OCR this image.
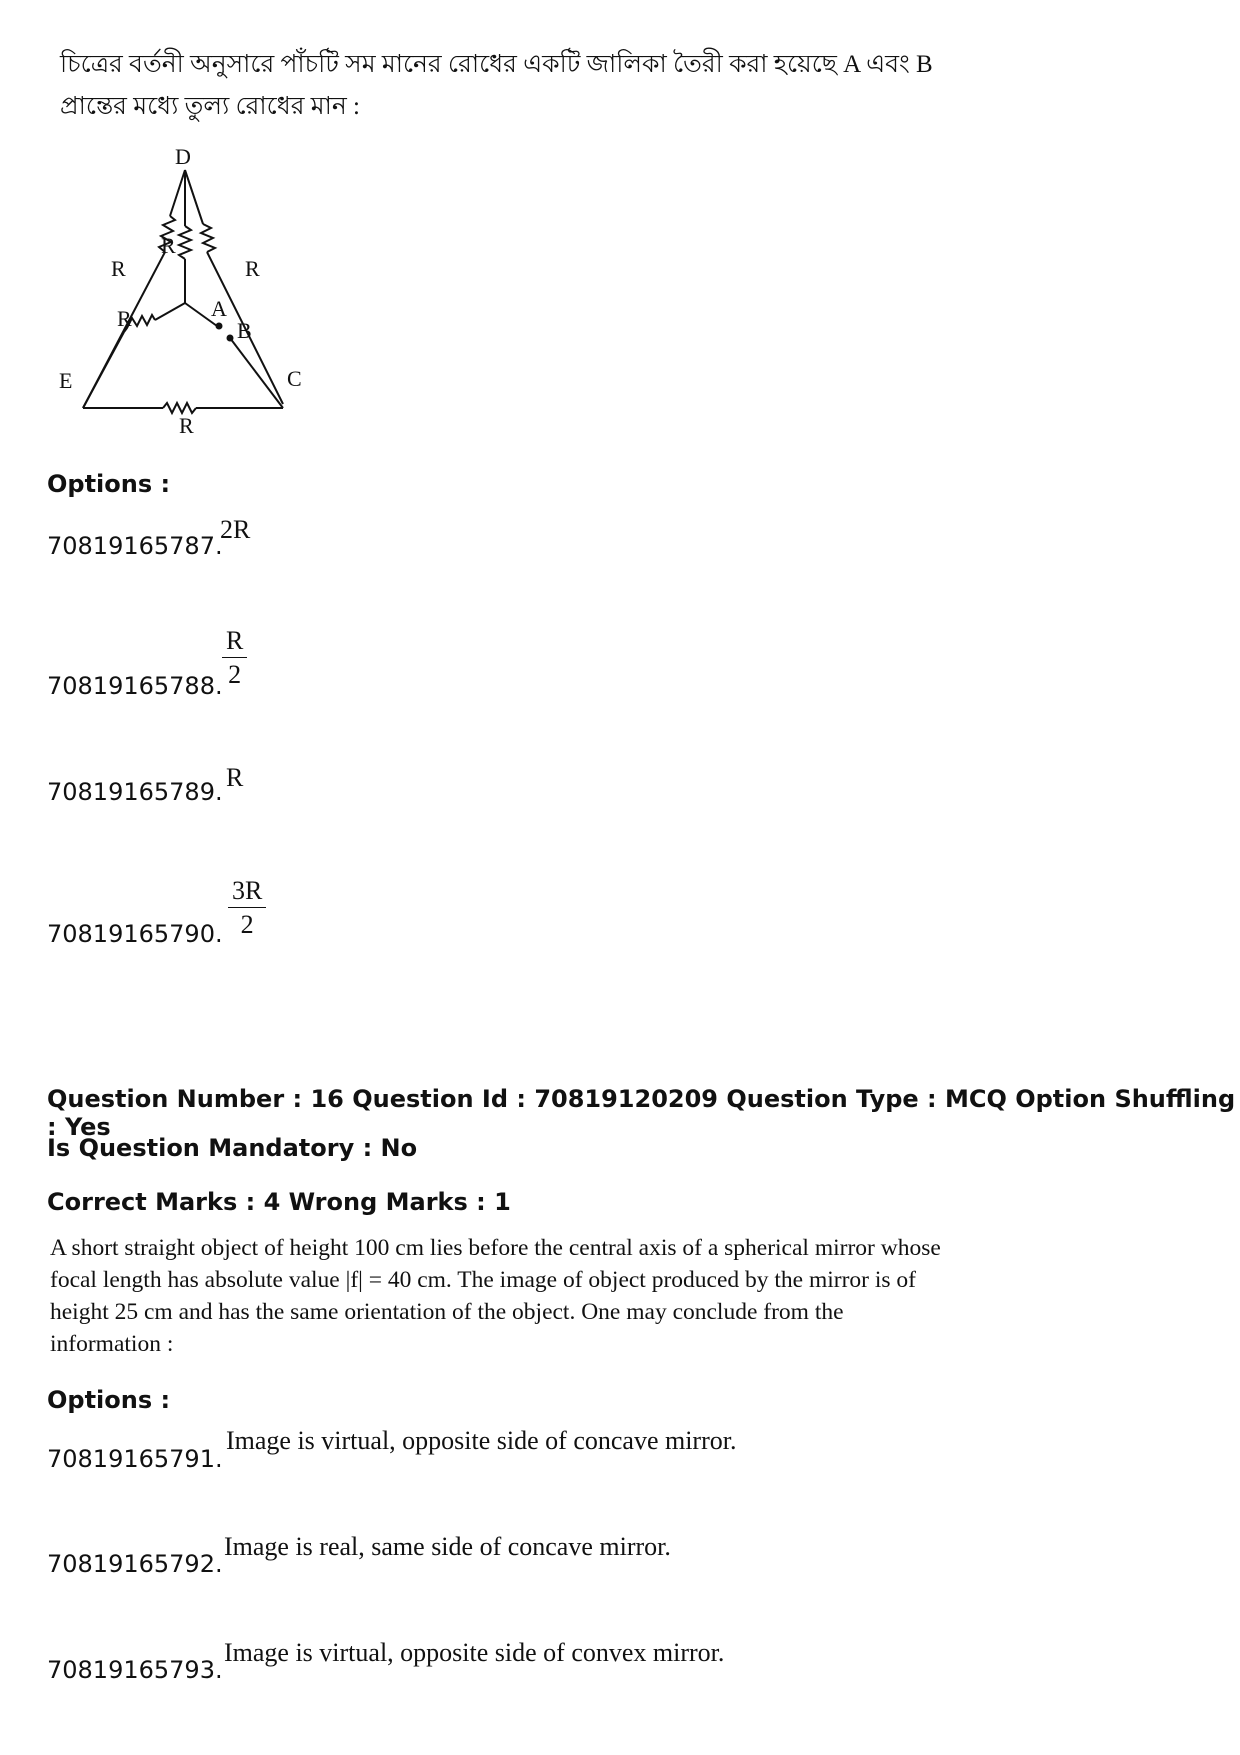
চিত্রের বর্তনী অনুসারে পাঁচটি সম মানের রোধের একটি জালিকা তৈরী করা হয়েছে A এবং B প্রান্তের মধ্যে তুল্য রোধের মান :
D
E	C
A
B
R
R
R
R
R
Options :
70819165787.
2R
70819165788. $\frac{R}{2}$
70819165789. R
70819165790. $\frac{3R}{2}$
Question Number : 16 Question Id : 70819120209 Question Type : MCQ Option Shuffling : Yes
Is Question Mandatory : No
Correct Marks : 4 Wrong Marks : 1
A short straight object of height 100 cm lies before the central axis of a spherical mirror whose focal length has absolute value |f| = 40 cm. The image of object produced by the mirror is of height 25 cm and has the same orientation of the object. One may conclude from the information :
Options :
70819165791.
Image is virtual, opposite side of concave mirror.
70819165792.
Image is real, same side of concave mirror.
70819165793.
Image is virtual, opposite side of convex mirror.
